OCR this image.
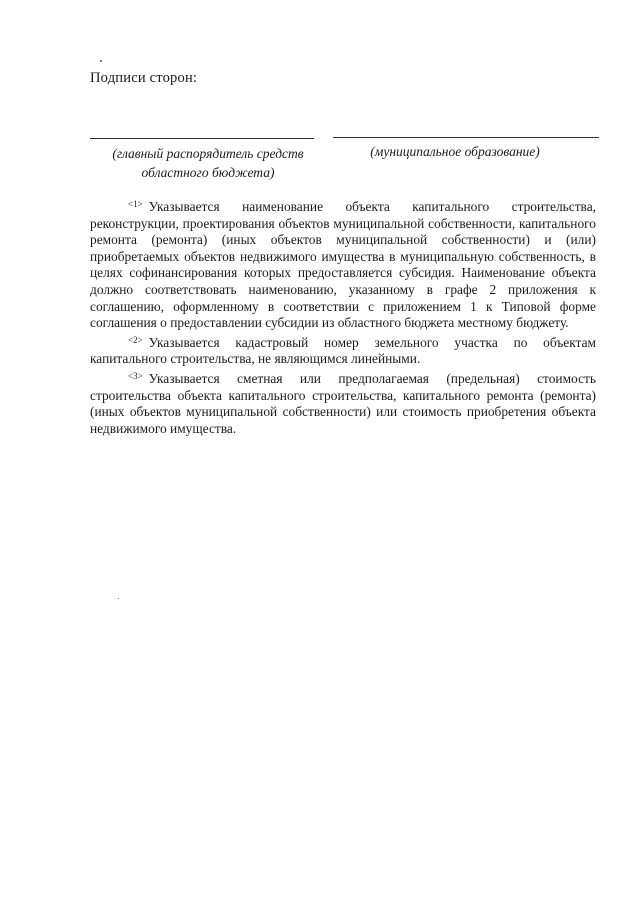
Подписи сторон:
(главный распорядитель средств областного бюджета)
(муниципальное образование)

$^{<1>}$ Указывается наименование объекта капитального строительства, реконструкции, проектирования объектов муниципальной собственности, капитального ремонта (ремонта) (иных объектов муниципальной собственности) и (или) приобретаемых объектов недвижимого имущества в муниципальную собственность, в целях софинансирования которых предоставляется субсидия. Наименование объекта должно соответствовать наименованию, указанному в графе 2 приложения к соглашению, оформленному в соответствии с приложением 1 к Типовой форме соглашения о предоставлении субсидии из областного бюджета местному бюджету.

$^{<2>}$ Указывается кадастровый номер земельного участка по объектам капитального строительства, не являющимся линейными.

$^{<3>}$ Указывается сметная или предполагаемая (предельная) стоимость строительства объекта капитального строительства, капитального ремонта (ремонта) (иных объектов муниципальной собственности) или стоимость приобретения объекта недвижимого имущества.
